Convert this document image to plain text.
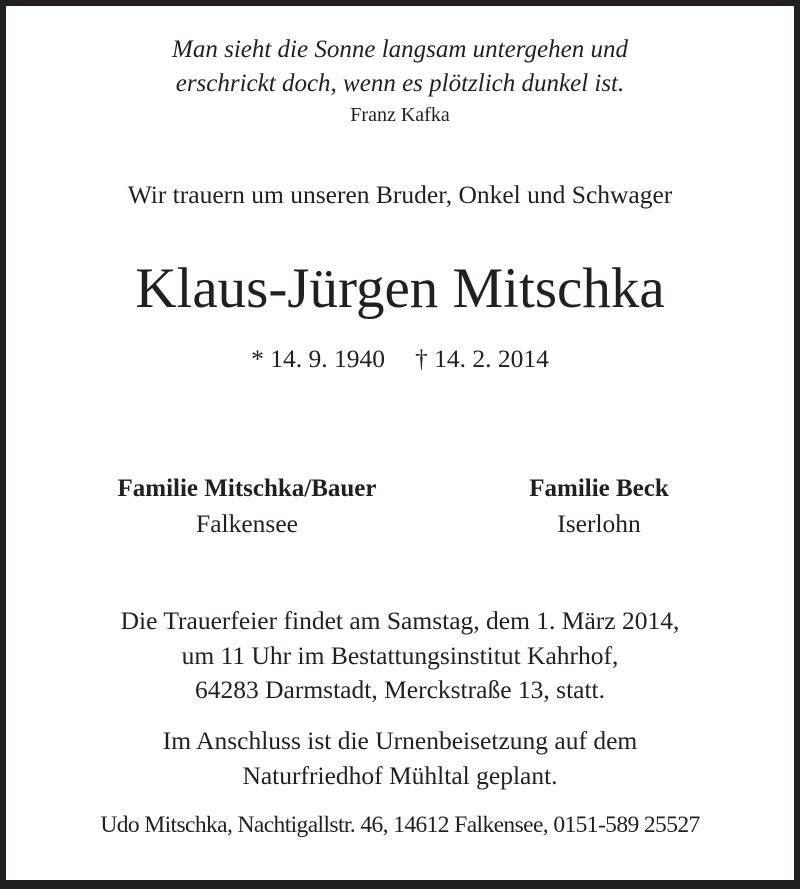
Man sieht die Sonne langsam untergehen und
erschrickt doch, wenn es plötzlich dunkel ist.
Franz Kafka
Wir trauern um unseren Bruder, Onkel und Schwager
Klaus-Jürgen Mitschka
* 14. 9. 1940 † 14. 2. 2014
Familie Mitschka/Bauer
Falkensee
Familie Beck
Iserlohn
Die Trauerfeier findet am Samstag, dem 1. März 2014,
um 11 Uhr im Bestattungsinstitut Kahrhof,
64283 Darmstadt, Merckstraße 13, statt.
Im Anschluss ist die Urnenbeisetzung auf dem
Naturfriedhof Mühltal geplant.
Udo Mitschka, Nachtigallstr. 46, 14612 Falkensee, 0151-589 25527
